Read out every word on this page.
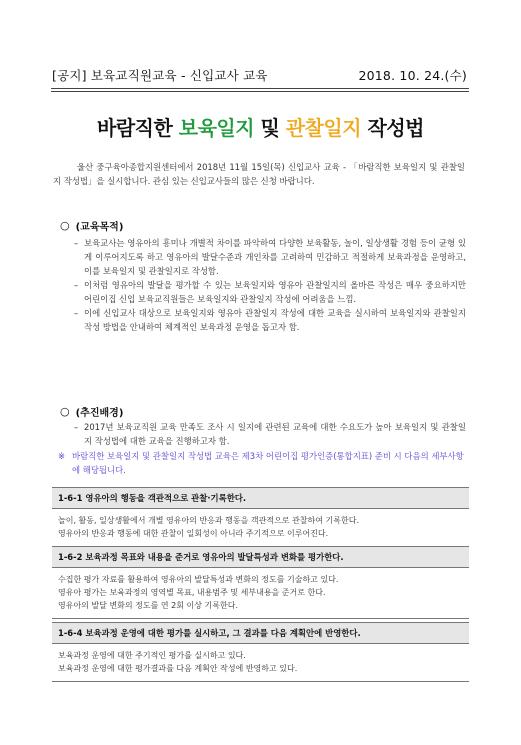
[공지] 보육교직원교육 - 신입교사 교육	2018. 10. 24.(수)
바람직한 보육일지 및 관찰일지 작성법
울산 중구육아종합지원센터에서 2018년 11월 15일(목) 신입교사 교육 - 「바람직한 보육일지 및 관찰일지 작성법」을 실시합니다. 관심 있는 신입교사들의 많은 신청 바랍니다.
○ (교육목적)
– 보육교사는 영유아의 흥미나 개별적 차이를 파악하여 다양한 보육활동, 놀이, 일상생활 경험 등이 균형 있게 이루어지도록 하고 영유아의 발달수준과 개인차를 고려하여 민감하고 적절하게 보육과정을 운영하고, 이를 보육일지 및 관찰일지로 작성함.
– 이처럼 영유아의 발달을 평가할 수 있는 보육일지와 영유아 관찰일지의 올바른 작성은 매우 중요하지만 어린이집 신입 보육교직원들은 보육일지와 관찰일지 작성에 어려움을 느낌.
– 이에 신입교사 대상으로 보육일지와 영유아 관찰일지 작성에 대한 교육을 실시하여 보육일지와 관찰일지 작성 방법을 안내하여 체계적인 보육과정 운영을 돕고자 함.
○ (추진배경)
– 2017년 보육교직원 교육 만족도 조사 시 일지에 관련된 교육에 대한 수요도가 높아 보육일지 및 관찰일지 작성법에 대한 교육을 진행하고자 함.
※ 바람직한 보육일지 및 관찰일지 작성법 교육은 제3차 어린이집 평가인증(통합지표) 준비 시 다음의 세부사항에 해당됩니다.
1-6-1 영유아의 행동을 객관적으로 관찰·기록한다.
놀이, 활동, 일상생활에서 개별 영유아의 반응과 행동을 객관적으로 관찰하여 기록한다.
영유아의 반응과 행동에 대한 관찰이 일회성이 아니라 주기적으로 이루어진다.
1-6-2 보육과정 목표와 내용을 준거로 영유아의 발달특성과 변화를 평가한다.
수집한 평가 자료를 활용하여 영유아의 발달특성과 변화의 정도를 기술하고 있다.
영유아 평가는 보육과정의 영역별 목표, 내용범주 및 세부내용을 준거로 한다.
영유아의 발달 변화의 정도를 연 2회 이상 기록한다.
1-6-4 보육과정 운영에 대한 평가를 실시하고, 그 결과를 다음 계획안에 반영한다.
보육과정 운영에 대한 주기적인 평가를 실시하고 있다.
보육과정 운영에 대한 평가결과를 다음 계획안 작성에 반영하고 있다.
